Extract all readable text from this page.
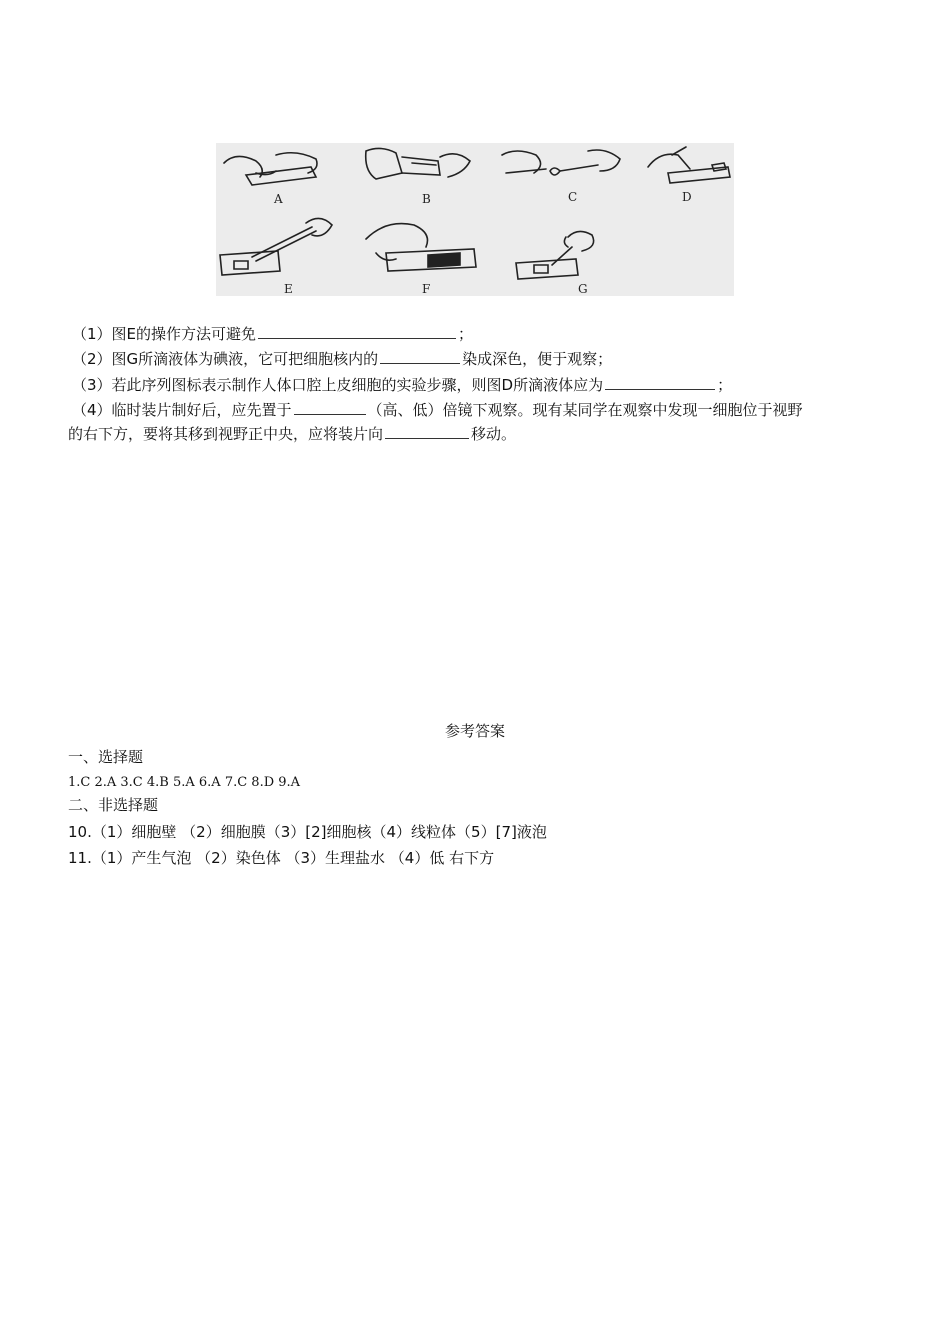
A	B	C	D
E	F	G
（1）图E的操作方法可避免	；
（2）图G所滴液体为碘液，它可把细胞核内的	染成深色，便于观察；
（3）若此序列图标表示制作人体口腔上皮细胞的实验步骤，则图D所滴液体应为	；
（4）临时装片制好后，应先置于	（高、低）倍镜下观察。现有某同学在观察中发现一细胞位于视野
的右下方，要将其移到视野正中央，应将装片向	移动。
参考答案
一、选择题
1.C 2.A 3.C 4.B 5.A 6.A 7.C 8.D 9.A
二、非选择题
10.（1）细胞壁 （2）细胞膜（3）[2]细胞核（4）线粒体（5）[7]液泡
11.（1）产生气泡 （2）染色体 （3）生理盐水 （4）低 右下方
